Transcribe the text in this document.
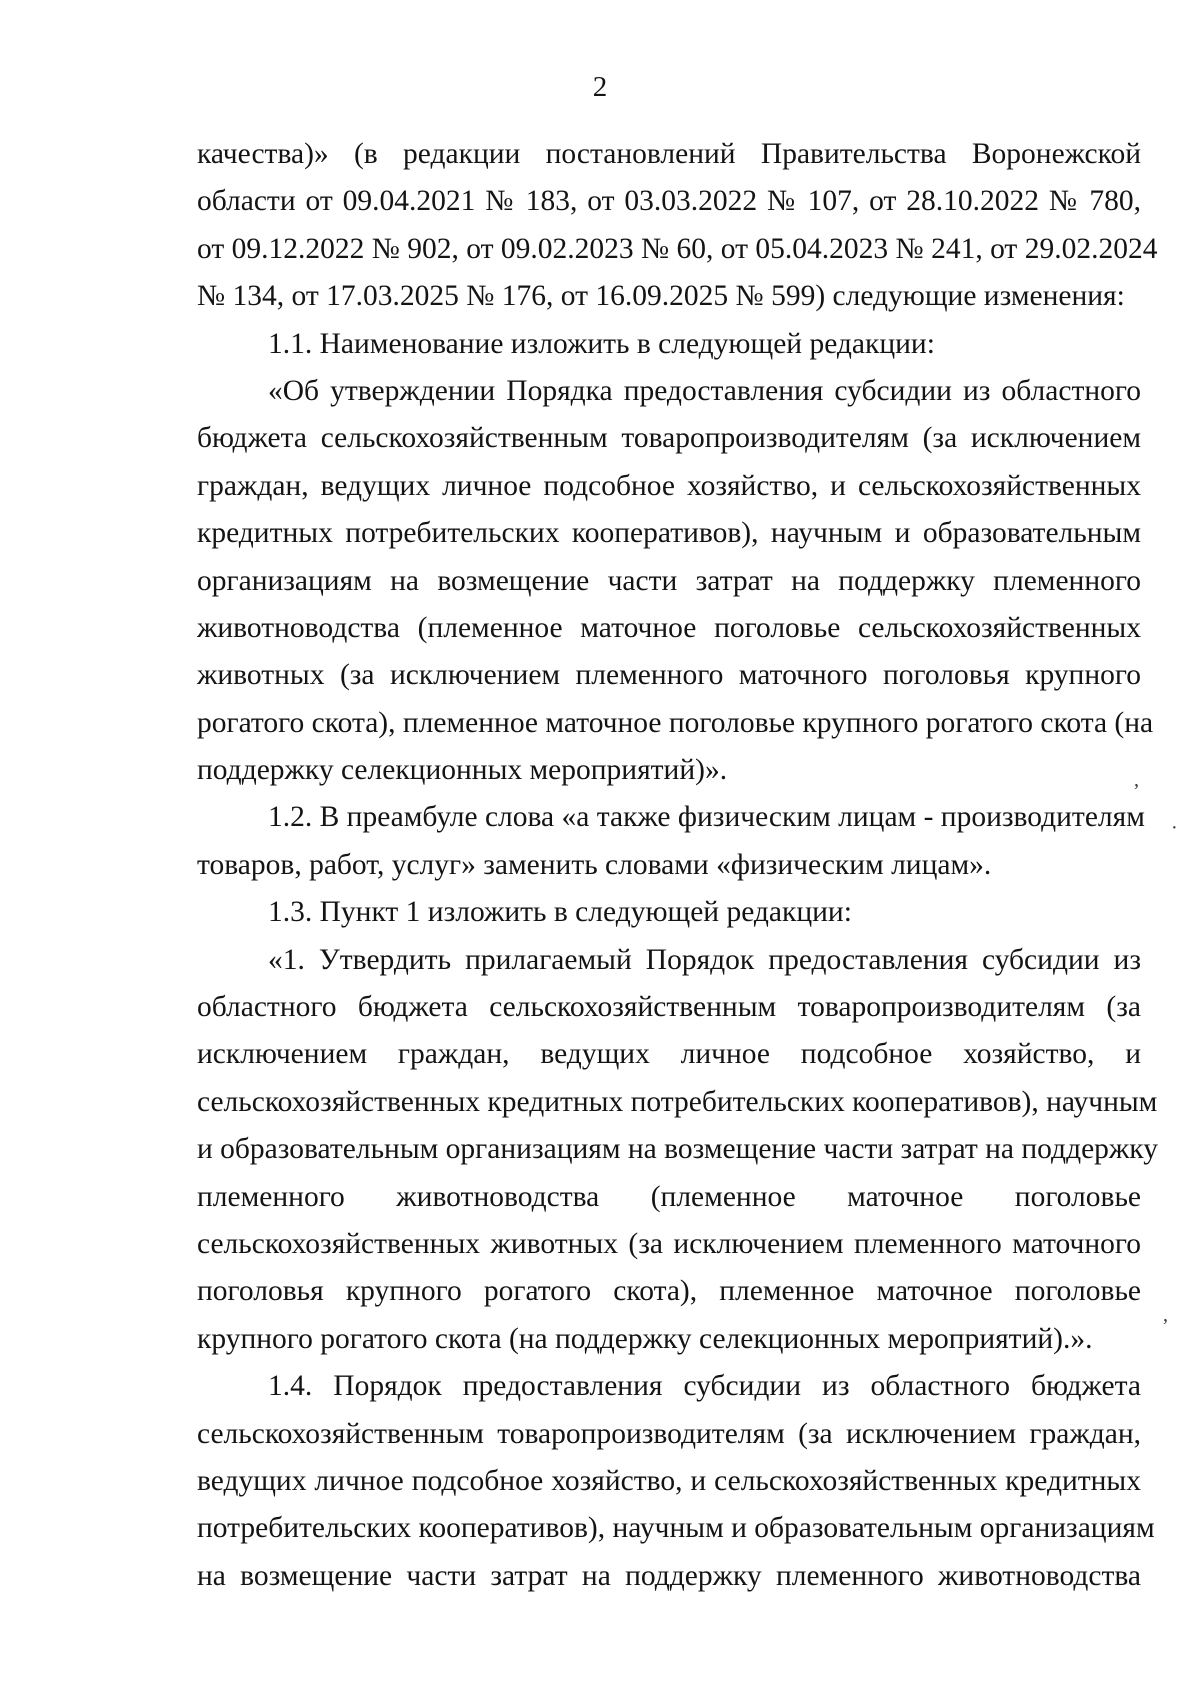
2
качества)» (в редакции постановлений Правительства Воронежской
области от 09.04.2021 № 183, от 03.03.2022 № 107, от 28.10.2022 № 780,
от 09.12.2022 № 902, от 09.02.2023 № 60, от 05.04.2023 № 241, от 29.02.2024
№ 134, от 17.03.2025 № 176, от 16.09.2025 № 599) следующие изменения:
1.1. Наименование изложить в следующей редакции:
«Об утверждении Порядка предоставления субсидии из областного
бюджета сельскохозяйственным товаропроизводителям (за исключением
граждан, ведущих личное подсобное хозяйство, и сельскохозяйственных
кредитных потребительских кооперативов), научным и образовательным
организациям на возмещение части затрат на поддержку племенного
животноводства (племенное маточное поголовье сельскохозяйственных
животных (за исключением племенного маточного поголовья крупного
рогатого скота), племенное маточное поголовье крупного рогатого скота (на
поддержку селекционных мероприятий)».
1.2. В преамбуле слова «а также физическим лицам - производителям
товаров, работ, услуг» заменить словами «физическим лицам».
1.3. Пункт 1 изложить в следующей редакции:
«1. Утвердить прилагаемый Порядок предоставления субсидии из
областного бюджета сельскохозяйственным товаропроизводителям (за
исключением граждан, ведущих личное подсобное хозяйство, и
сельскохозяйственных кредитных потребительских кооперативов), научным
и образовательным организациям на возмещение части затрат на поддержку
племенного животноводства (племенное маточное поголовье
сельскохозяйственных животных (за исключением племенного маточного
поголовья крупного рогатого скота), племенное маточное поголовье
крупного рогатого скота (на поддержку селекционных мероприятий).».
1.4. Порядок предоставления субсидии из областного бюджета
сельскохозяйственным товаропроизводителям (за исключением граждан,
ведущих личное подсобное хозяйство, и сельскохозяйственных кредитных
потребительских кооперативов), научным и образовательным организациям
на возмещение части затрат на поддержку племенного животноводства
,
·
,
